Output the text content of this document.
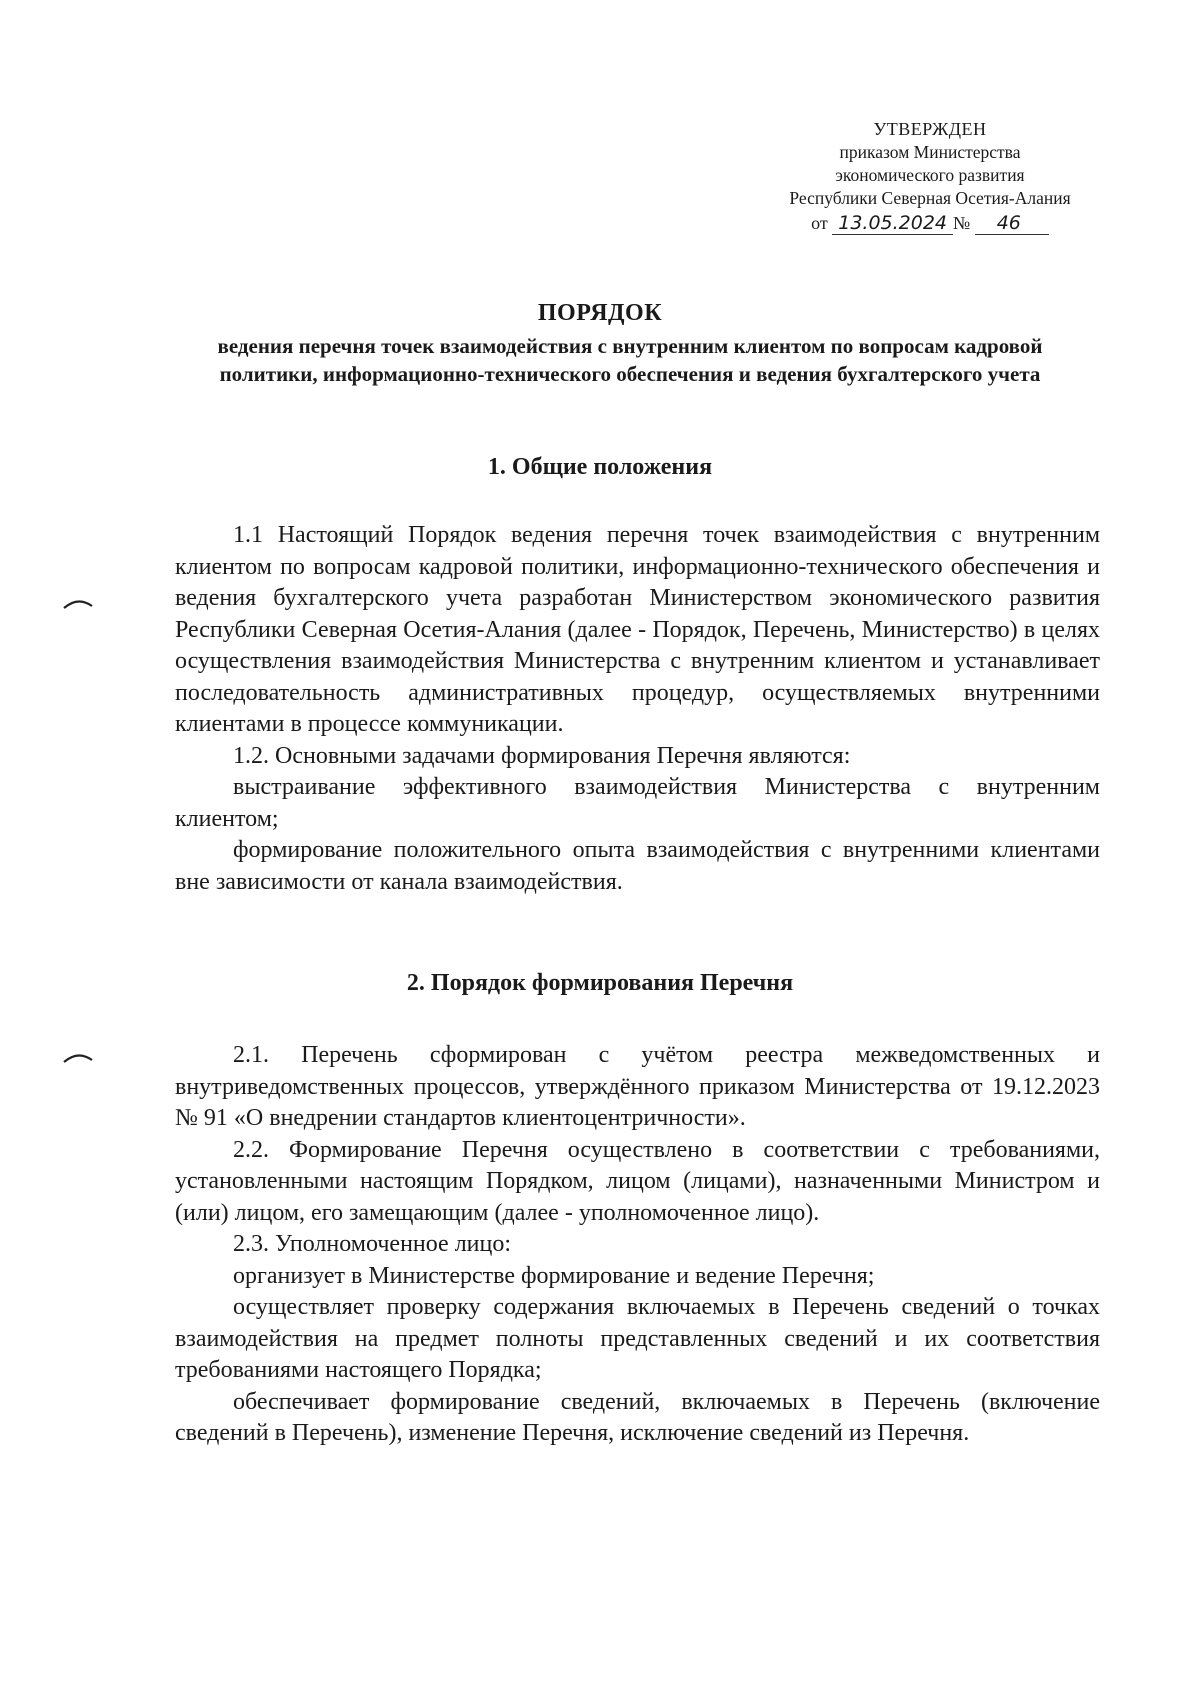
УТВЕРЖДЕН
приказом Министерства
экономического развития
Республики Северная Осетия-Алания
от 13.05.2024 № 46
ПОРЯДОК
ведения перечня точек взаимодействия с внутренним клиентом по вопросам кадровой политики, информационно-технического обеспечения и ведения бухгалтерского учета
1. Общие положения

1.1 Настоящий Порядок ведения перечня точек взаимодействия с внутренним клиентом по вопросам кадровой политики, информационно-технического обеспечения и ведения бухгалтерского учета разработан Министерством экономического развития Республики Северная Осетия-Алания (далее - Порядок, Перечень, Министерство) в целях осуществления взаимодействия Министерства с внутренним клиентом и устанавливает последовательность административных процедур, осуществляемых внутренними клиентами в процессе коммуникации.

1.2. Основными задачами формирования Перечня являются:

выстраивание эффективного взаимодействия Министерства с внутренним клиентом;

формирование положительного опыта взаимодействия с внутренними клиентами вне зависимости от канала взаимодействия.

2. Порядок формирования Перечня

2.1. Перечень сформирован с учётом реестра межведомственных и внутриведомственных процессов, утверждённого приказом Министерства от 19.12.2023 № 91 «О внедрении стандартов клиентоцентричности».

2.2. Формирование Перечня осуществлено в соответствии с требованиями, установленными настоящим Порядком, лицом (лицами), назначенными Министром и (или) лицом, его замещающим (далее - уполномоченное лицо).

2.3. Уполномоченное лицо:

организует в Министерстве формирование и ведение Перечня;

осуществляет проверку содержания включаемых в Перечень сведений о точках взаимодействия на предмет полноты представленных сведений и их соответствия требованиями настоящего Порядка;

обеспечивает формирование сведений, включаемых в Перечень (включение сведений в Перечень), изменение Перечня, исключение сведений из Перечня.
